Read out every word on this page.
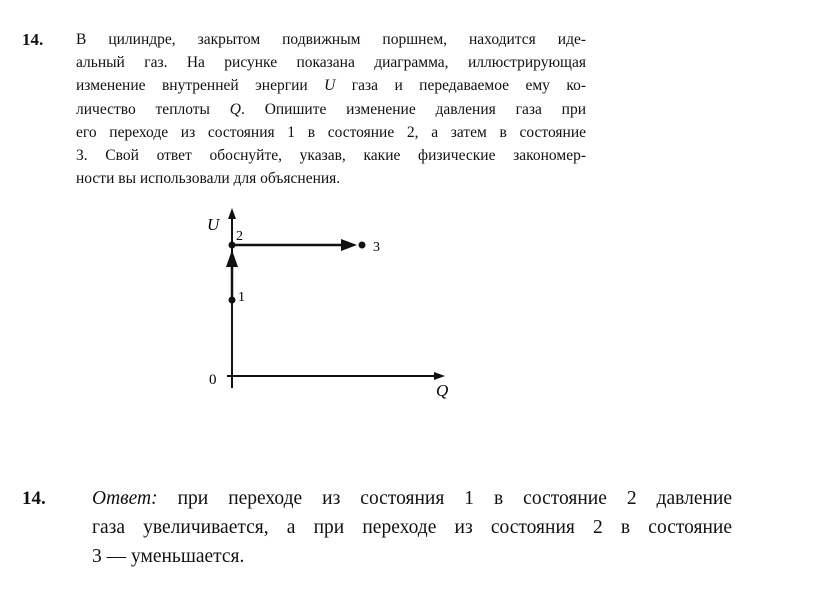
14. В цилиндре, закрытом подвижным поршнем, находится иде-
альный газ. На рисунке показана диаграмма, иллюстрирующая
изменение внутренней энергии U газа и передаваемое ему ко-
личество теплоты Q. Опишите изменение давления газа при
его переходе из состояния 1 в состояние 2, а затем в состояние
3. Свой ответ обоснуйте, указав, какие физические закономер-
ности вы использовали для объяснения.
U
Q
0
1
2
3
14. Ответ: при переходе из состояния 1 в состояние 2 давление
газа увеличивается, а при переходе из состояния 2 в состояние
3 — уменьшается.
